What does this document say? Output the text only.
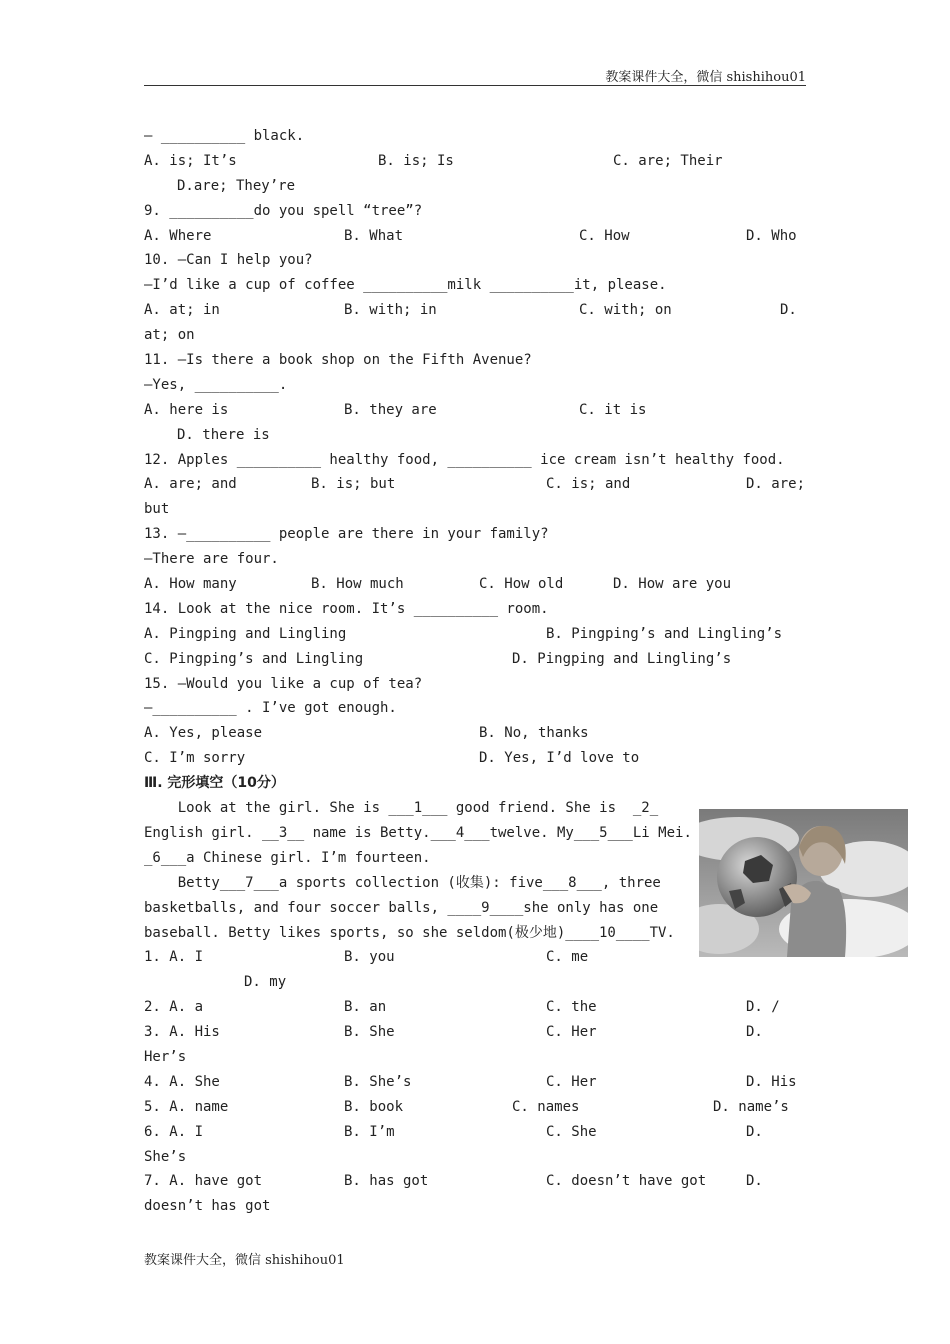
教案课件大全，微信 shishihou01
— __________ black.
A. is; It’s	B. is; Is	C. are; Their
D.are; They’re
9. __________do you spell “tree”?
A. Where	B. What	C. How	D. Who
10. —Can I help you?
—I’d like a cup of coffee __________milk __________it, please.
A. at; in	B. with; in	C. with; on	D.
at; on
11. —Is there a book shop on the Fifth Avenue?
—Yes, __________.
A. here is	B. they are	C. it is
D. there is
12. Apples __________ healthy food, __________ ice cream isn’t healthy food.
A. are; and	B. is; but	C. is; and	D. are;
but
13. —__________ people are there in your family?
—There are four.
A. How many	B. How much	C. How old	D. How are you
14. Look at the nice room. It’s __________ room.
A. Pingping and Lingling	B. Pingping’s and Lingling’s
C. Pingping’s and Lingling	D. Pingping and Lingling’s
15. —Would you like a cup of tea?
—__________ . I’ve got enough.
A. Yes, please	B. No, thanks
C. I’m sorry	D. Yes, I’d love to
Ⅲ. 完形填空（10分）
Look at the girl. She is ___1___ good friend. She is  _2_
English girl. __3__ name is Betty.___4___twelve. My___5___Li Mei.
_6___a Chinese girl. I’m fourteen.
Betty___7___a sports collection (收集): five___8___, three
basketballs, and four soccer balls, ____9____she only has one
baseball. Betty likes sports, so she seldom(极少地)____10____TV.
1. A. I	B. you	C. me
D. my
2. A. a	B. an	C. the	D. /
3. A. His	B. She	C. Her	D.
Her’s
4. A. She	B. She’s	C. Her	D. His
5. A. name	B. book	C. names	D. name’s
6. A. I	B. I’m	C. She	D.
She’s
7. A. have got	B. has got	C. doesn’t have got	D.
doesn’t has got
教案课件大全，微信 shishihou01
